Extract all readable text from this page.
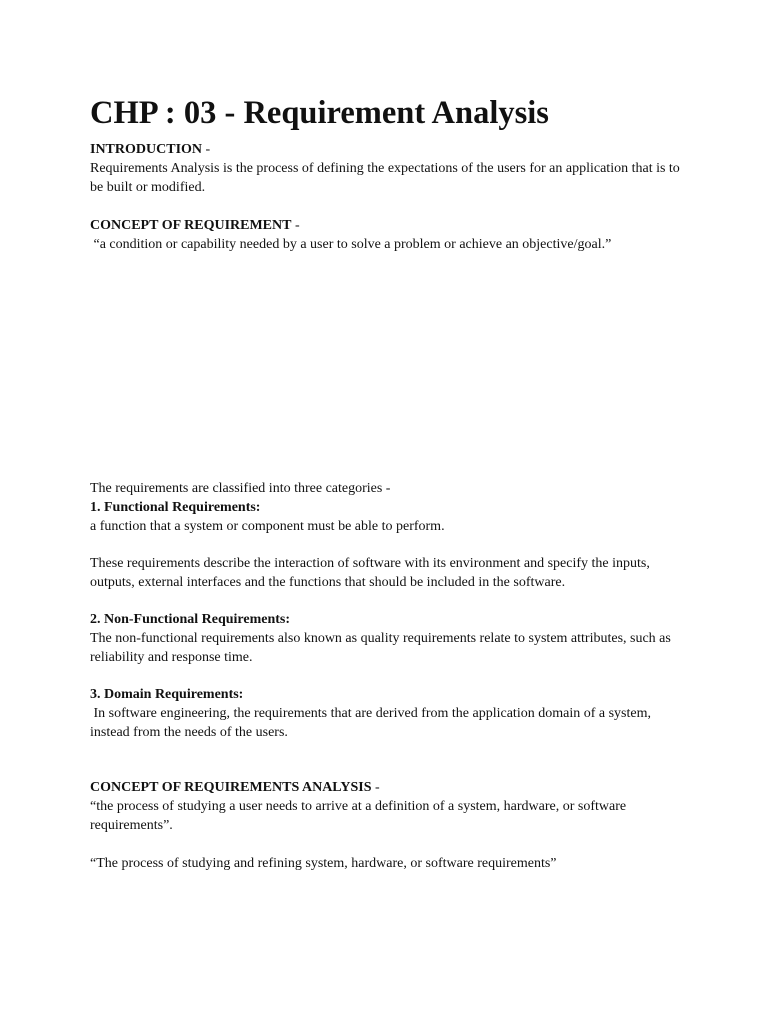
CHP : 03 - Requirement Analysis

INTRODUCTION -

Requirements Analysis is the process of defining the expectations of the users for an application that is to be built or modified.

CONCEPT OF REQUIREMENT -

“a condition or capability needed by a user to solve a problem or achieve an objective/goal.”

The requirements are classified into three categories -

1. Functional Requirements:

a function that a system or component must be able to perform.

These requirements describe the interaction of software with its environment and specify the inputs, outputs, external interfaces and the functions that should be included in the software.

2. Non-Functional Requirements:

The non-functional requirements also known as quality requirements relate to system attributes, such as reliability and response time.

3. Domain Requirements:

In software engineering, the requirements that are derived from the application domain of a system, instead from the needs of the users.

CONCEPT OF REQUIREMENTS ANALYSIS -

“the process of studying a user needs to arrive at a definition of a system, hardware, or software requirements”.

“The process of studying and refining system, hardware, or software requirements”
